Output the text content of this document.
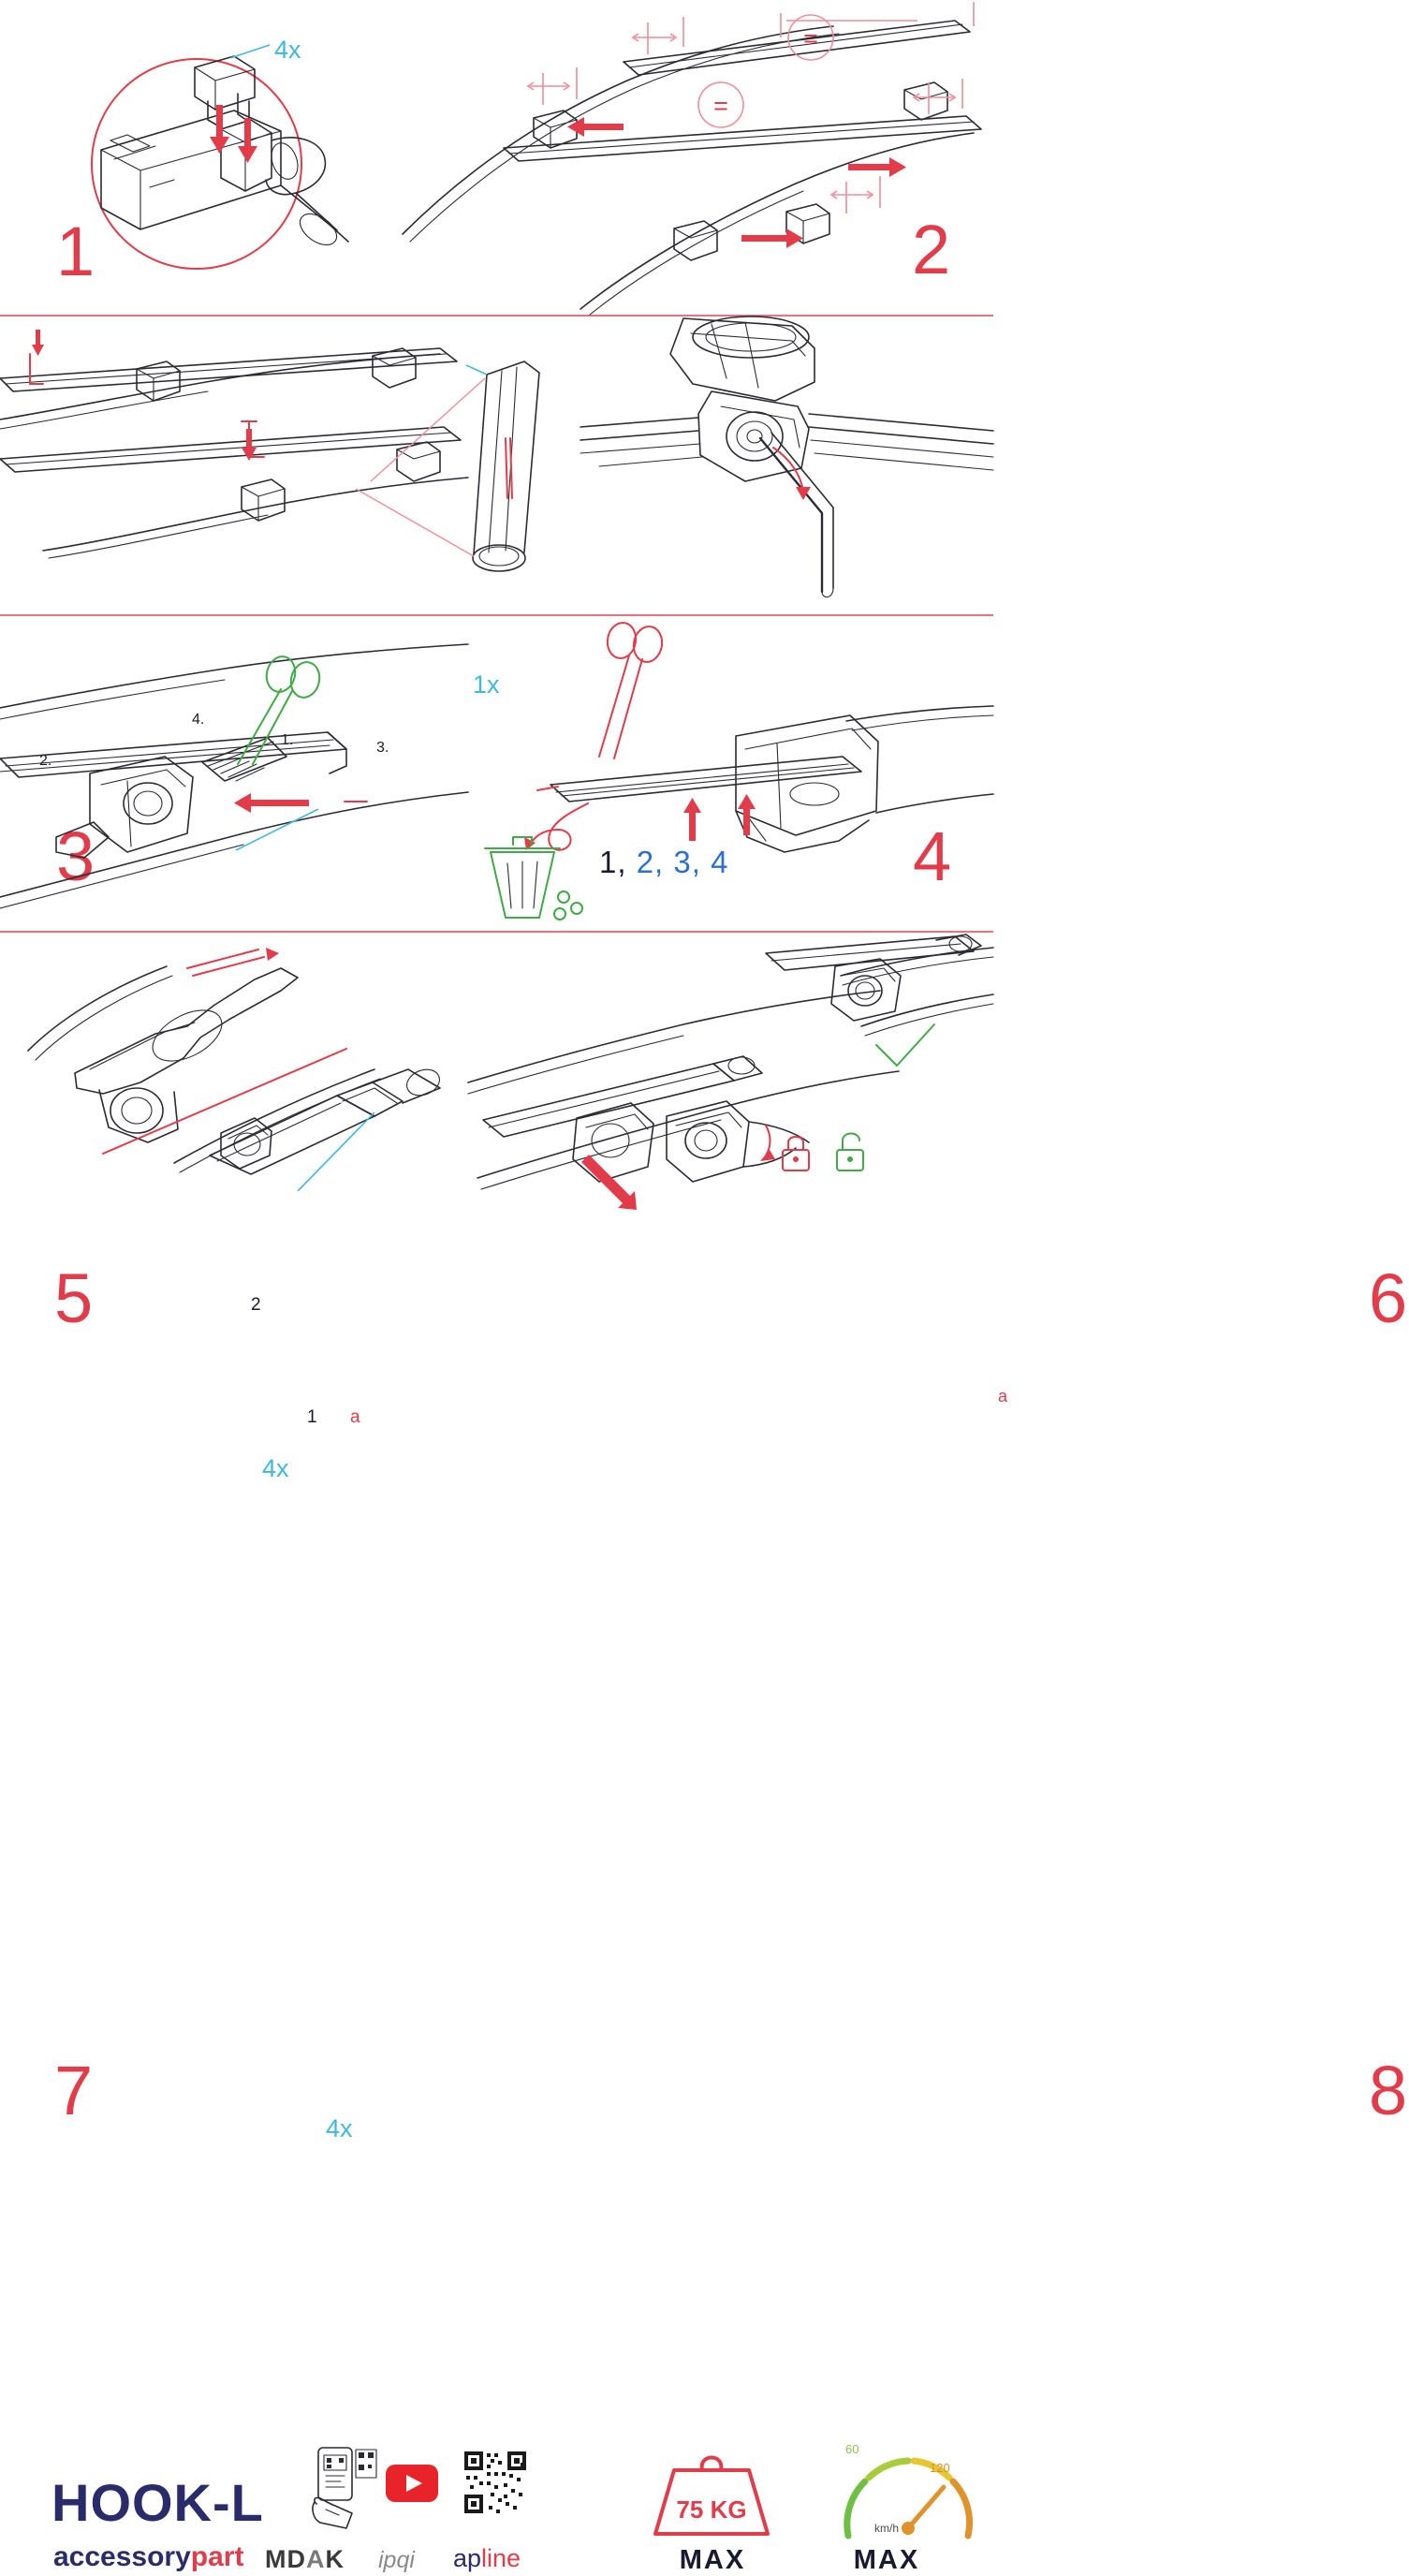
4x
1
=
=
2
4.
2.
1.	3.
1x
3	1, 2, 3, 4	4
5	2
1 a
4x
a
6
7	4x	8
HOOK-L
accessorypart MDAK ipqi apline
75 KG
MAX
60
120
km/h
MAX
